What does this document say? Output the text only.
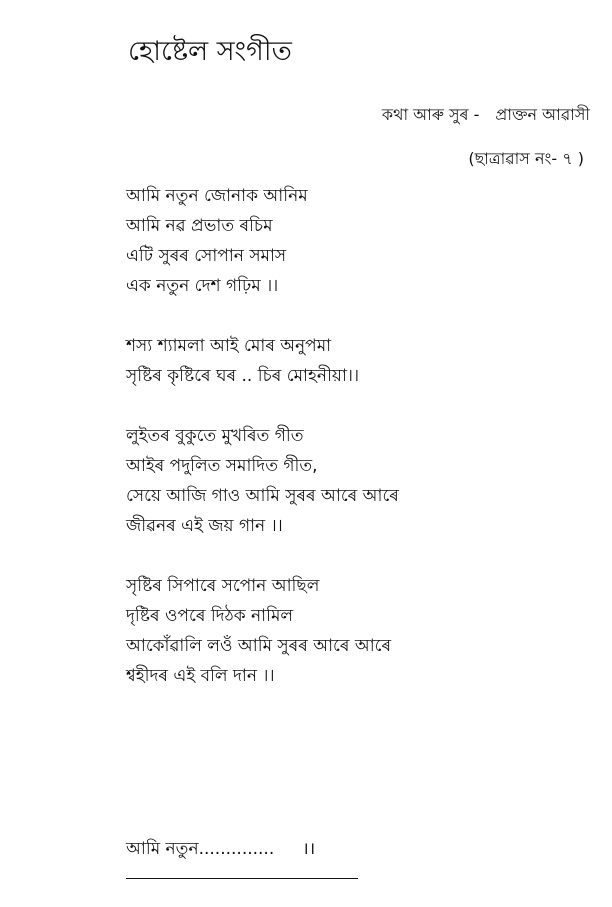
হোষ্টেল সংগীত
কথা আৰু সুৰ - প্ৰাক্তন আৱাসী
(ছাত্ৰাৱাস নং- ৭ )
আমি নতুন জোনাক আনিম
আমি নৱ প্ৰভাত ৰচিম
এটি সুৰৰ সোপান সমাস
এক নতুন দেশ গঢ়িম ।।
শস্য শ্যামলা আই মোৰ অনুপমা
সৃষ্টিৰ কৃষ্টিৰে ঘৰ .. চিৰ মোহনীয়া।।
লুইতৰ বুকুতে মুখৰিত গীত
আইৰ পদুলিত সমাদিত গীত,
সেয়ে আজি গাও আমি সুৰৰ আৰে আৰে
জীৱনৰ এই জয় গান ।।
সৃষ্টিৰ সিপাৰে সপোন আছিল
দৃষ্টিৰ ওপৰে দিঠক নামিল
আকোঁৱালি লওঁ আমি সুৰৰ আৰে আৰে
শ্বহীদৰ এই বলি দান ।।
আমি নতুন.............. ।।
